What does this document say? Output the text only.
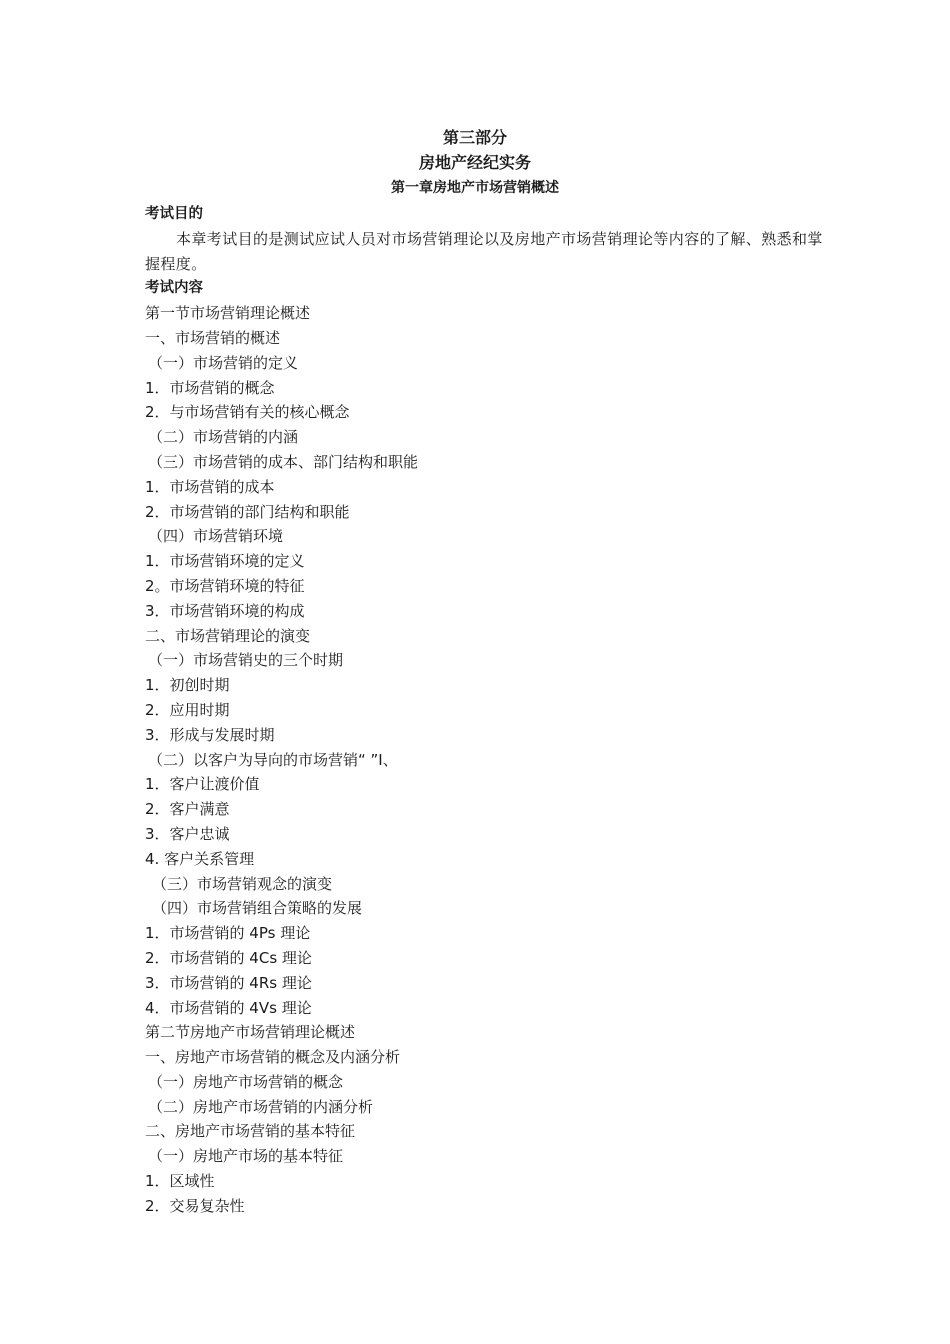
第三部分
房地产经纪实务
第一章房地产市场营销概述
考试目的
本章考试目的是测试应试人员对市场营销理论以及房地产市场营销理论等内容的了解、熟悉和掌握程度。
考试内容
第一节市场营销理论概述
一、市场营销的概述
（一）市场营销的定义
1．市场营销的概念
2．与市场营销有关的核心概念
（二）市场营销的内涵
（三）市场营销的成本、部门结构和职能
1．市场营销的成本
2．市场营销的部门结构和职能
（四）市场营销环境
1．市场营销环境的定义
2。市场营销环境的特征
3．市场营销环境的构成
二、市场营销理论的演变
（一）市场营销史的三个时期
1．初创时期
2．应用时期
3．形成与发展时期
（二）以客户为导向的市场营销“ ”I、
1．客户让渡价值
2．客户满意
3．客户忠诚
4. 客户关系管理
（三）市场营销观念的演变
（四）市场营销组合策略的发展
1．市场营销的 4Ps 理论
2．市场营销的 4Cs 理论
3．市场营销的 4Rs 理论
4．市场营销的 4Vs 理论
第二节房地产市场营销理论概述
一、房地产市场营销的概念及内涵分析
（一）房地产市场营销的概念
（二）房地产市场营销的内涵分析
二、房地产市场营销的基本特征
（一）房地产市场的基本特征
1．区域性
2．交易复杂性
